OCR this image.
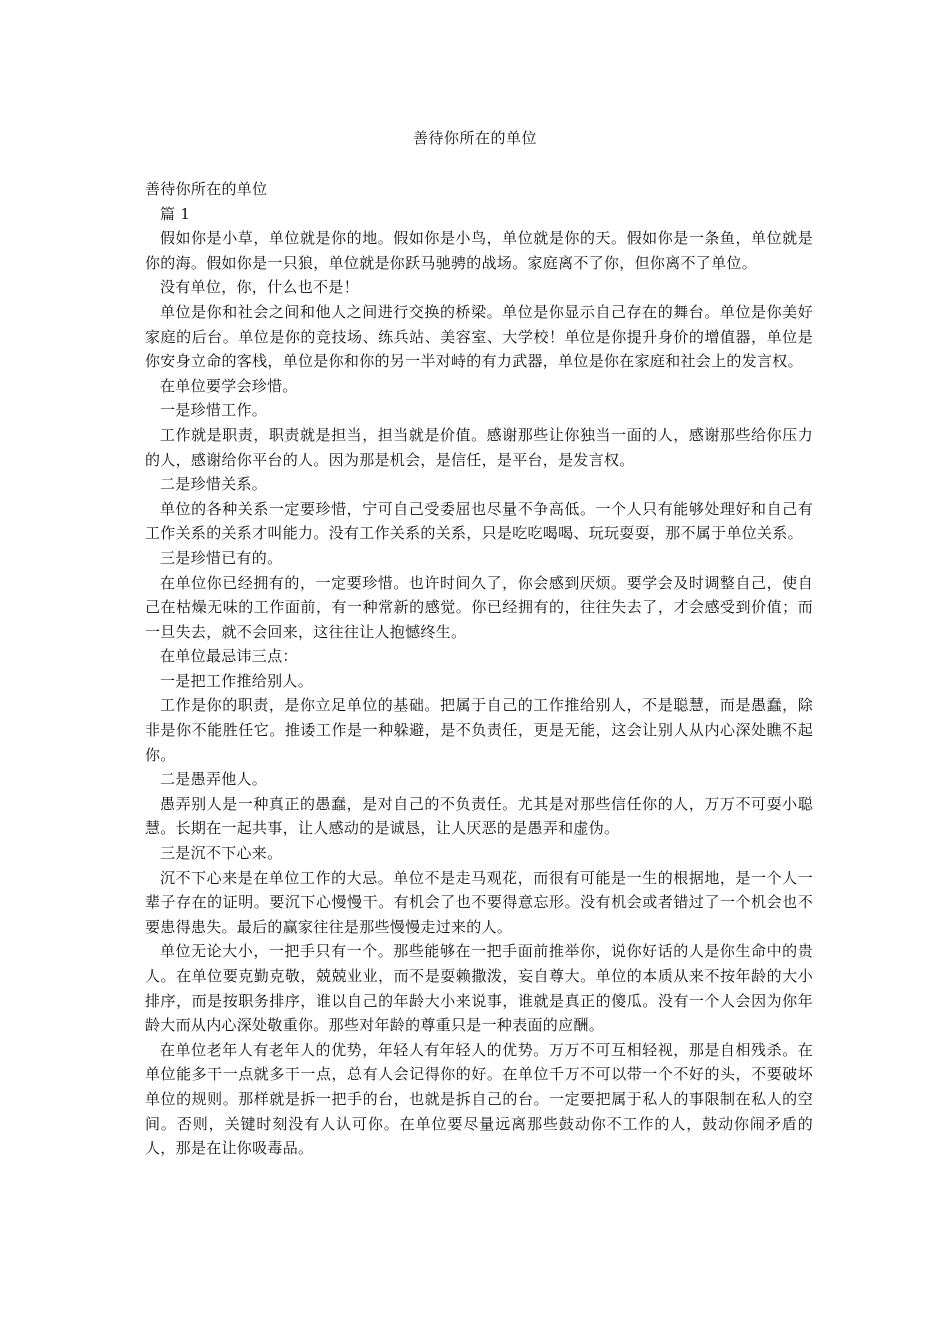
善待你所在的单位

善待你所在的单位

篇 1

假如你是小草，单位就是你的地。假如你是小鸟，单位就是你的天。假如你是一条鱼，单位就是你的海。假如你是一只狼，单位就是你跃马驰骋的战场。家庭离不了你，但你离不了单位。

没有单位，你，什么也不是！

单位是你和社会之间和他人之间进行交换的桥梁。单位是你显示自己存在的舞台。单位是你美好家庭的后台。单位是你的竞技场、练兵站、美容室、大学校！单位是你提升身价的增值器，单位是你安身立命的客栈，单位是你和你的另一半对峙的有力武器，单位是你在家庭和社会上的发言权。

在单位要学会珍惜。

一是珍惜工作。

工作就是职责，职责就是担当，担当就是价值。感谢那些让你独当一面的人，感谢那些给你压力的人，感谢给你平台的人。因为那是机会，是信任，是平台，是发言权。

二是珍惜关系。

单位的各种关系一定要珍惜，宁可自己受委屈也尽量不争高低。一个人只有能够处理好和自己有工作关系的关系才叫能力。没有工作关系的关系，只是吃吃喝喝、玩玩耍耍，那不属于单位关系。

三是珍惜已有的。

在单位你已经拥有的，一定要珍惜。也许时间久了，你会感到厌烦。要学会及时调整自己，使自己在枯燥无味的工作面前，有一种常新的感觉。你已经拥有的，往往失去了，才会感受到价值；而一旦失去，就不会回来，这往往让人抱憾终生。

在单位最忌讳三点：

一是把工作推给别人。

工作是你的职责，是你立足单位的基础。把属于自己的工作推给别人，不是聪慧，而是愚蠢，除非是你不能胜任它。推诿工作是一种躲避，是不负责任，更是无能，这会让别人从内心深处瞧不起你。

二是愚弄他人。

愚弄别人是一种真正的愚蠢，是对自己的不负责任。尤其是对那些信任你的人，万万不可耍小聪慧。长期在一起共事，让人感动的是诚恳，让人厌恶的是愚弄和虚伪。

三是沉不下心来。

沉不下心来是在单位工作的大忌。单位不是走马观花，而很有可能是一生的根据地，是一个人一辈子存在的证明。要沉下心慢慢干。有机会了也不要得意忘形。没有机会或者错过了一个机会也不要患得患失。最后的赢家往往是那些慢慢走过来的人。

单位无论大小，一把手只有一个。那些能够在一把手面前推举你，说你好话的人是你生命中的贵人。在单位要克勤克敬，兢兢业业，而不是耍赖撒泼，妄自尊大。单位的本质从来不按年龄的大小排序，而是按职务排序，谁以自己的年龄大小来说事，谁就是真正的傻瓜。没有一个人会因为你年龄大而从内心深处敬重你。那些对年龄的尊重只是一种表面的应酬。

在单位老年人有老年人的优势，年轻人有年轻人的优势。万万不可互相轻视，那是自相残杀。在单位能多干一点就多干一点，总有人会记得你的好。在单位千万不可以带一个不好的头，不要破坏单位的规则。那样就是拆一把手的台，也就是拆自己的台。一定要把属于私人的事限制在私人的空间。否则，关键时刻没有人认可你。在单位要尽量远离那些鼓动你不工作的人，鼓动你闹矛盾的人，那是在让你吸毒品。
